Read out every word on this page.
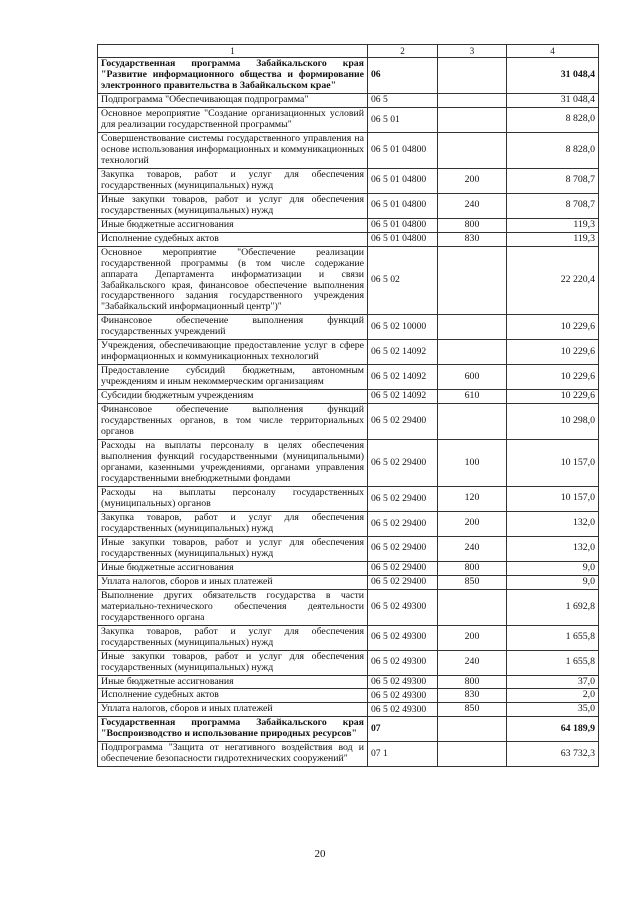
1	2	3	4
Государственная программа Забайкальского края "Развитие информационного общества и формирование электронного правительства в Забайкальском крае"	06		31 048,4
Подпрограмма "Обеспечивающая подпрограмма"	06 5		31 048,4
Основное мероприятие "Создание организационных условий для реализации государственной программы"	06 5 01		8 828,0
Совершенствование системы государственного управления на основе использования информационных и коммуникационных технологий	06 5 01 04800		8 828,0
Закупка товаров, работ и услуг для обеспечения государственных (муниципальных) нужд	06 5 01 04800	200	8 708,7
Иные закупки товаров, работ и услуг для обеспечения государственных (муниципальных) нужд	06 5 01 04800	240	8 708,7
Иные бюджетные ассигнования	06 5 01 04800	800	119,3
Исполнение судебных актов	06 5 01 04800	830	119,3
Основное мероприятие "Обеспечение реализации государственной программы (в том числе содержание аппарата Департамента информатизации и связи Забайкальского края, финансовое обеспечение выполнения государственного задания государственного учреждения "Забайкальский информационный центр")"	06 5 02		22 220,4
Финансовое обеспечение выполнения функций государственных учреждений	06 5 02 10000		10 229,6
Учреждения, обеспечивающие предоставление услуг в сфере информационных и коммуникационных технологий	06 5 02 14092		10 229,6
Предоставление субсидий бюджетным, автономным учреждениям и иным некоммерческим организациям	06 5 02 14092	600	10 229,6
Субсидии бюджетным учреждениям	06 5 02 14092	610	10 229,6
Финансовое обеспечение выполнения функций государственных органов, в том числе территориальных органов	06 5 02 29400		10 298,0
Расходы на выплаты персоналу в целях обеспечения выполнения функций государственными (муниципальными) органами, казенными учреждениями, органами управления государственными внебюджетными фондами	06 5 02 29400	100	10 157,0
Расходы на выплаты персоналу государственных (муниципальных) органов	06 5 02 29400	120	10 157,0
Закупка товаров, работ и услуг для обеспечения государственных (муниципальных) нужд	06 5 02 29400	200	132,0
Иные закупки товаров, работ и услуг для обеспечения государственных (муниципальных) нужд	06 5 02 29400	240	132,0
Иные бюджетные ассигнования	06 5 02 29400	800	9,0
Уплата налогов, сборов и иных платежей	06 5 02 29400	850	9,0
Выполнение других обязательств государства в части материально-технического обеспечения деятельности государственного органа	06 5 02 49300		1 692,8
Закупка товаров, работ и услуг для обеспечения государственных (муниципальных) нужд	06 5 02 49300	200	1 655,8
Иные закупки товаров, работ и услуг для обеспечения государственных (муниципальных) нужд	06 5 02 49300	240	1 655,8
Иные бюджетные ассигнования	06 5 02 49300	800	37,0
Исполнение судебных актов	06 5 02 49300	830	2,0
Уплата налогов, сборов и иных платежей	06 5 02 49300	850	35,0
Государственная программа Забайкальского края "Воспроизводство и использование природных ресурсов"	07		64 189,9
Подпрограмма "Защита от негативного воздействия вод и обеспечение безопасности гидротехнических сооружений"	07 1		63 732,3
20
